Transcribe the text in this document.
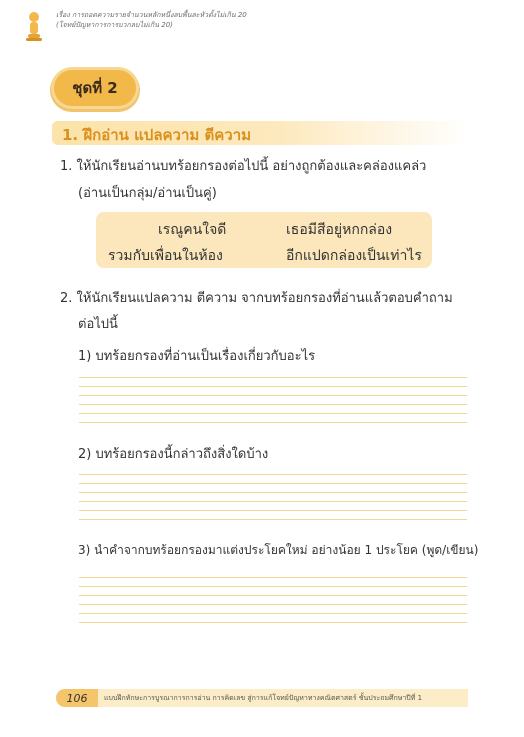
เรื่อง การถอดความรายจำนวนหลักหนึ่งลบพื้นละหัวตั้งไม่เกิน 20
(โจทย์ปัญหาการการบวกลบไม่เกิน 20)
ชุดที่ 2
1. ฝึกอ่าน แปลความ ตีความ
1. ให้นักเรียนอ่านบทร้อยกรองต่อไปนี้ อย่างถูกต้องและคล่องแคล่ว
(อ่านเป็นกลุ่ม/อ่านเป็นคู่)
เรณูคนใจดี	เธอมีสีอยู่หกกล่อง
รวมกับเพื่อนในห้อง	อีกแปดกล่องเป็นเท่าไร
2. ให้นักเรียนแปลความ ตีความ จากบทร้อยกรองที่อ่านแล้วตอบคำถาม
ต่อไปนี้
1) บทร้อยกรองที่อ่านเป็นเรื่องเกี่ยวกับอะไร
2) บทร้อยกรองนี้กล่าวถึงสิ่งใดบ้าง
3) นำคำจากบทร้อยกรองมาแต่งประโยคใหม่ อย่างน้อย 1 ประโยค (พูด/เขียน)
106 แบบฝึกทักษะการบูรณาการการอ่าน การคิดเลข สู่การแก้โจทย์ปัญหาทางคณิตศาสตร์ ชั้นประถมศึกษาปีที่ 1
